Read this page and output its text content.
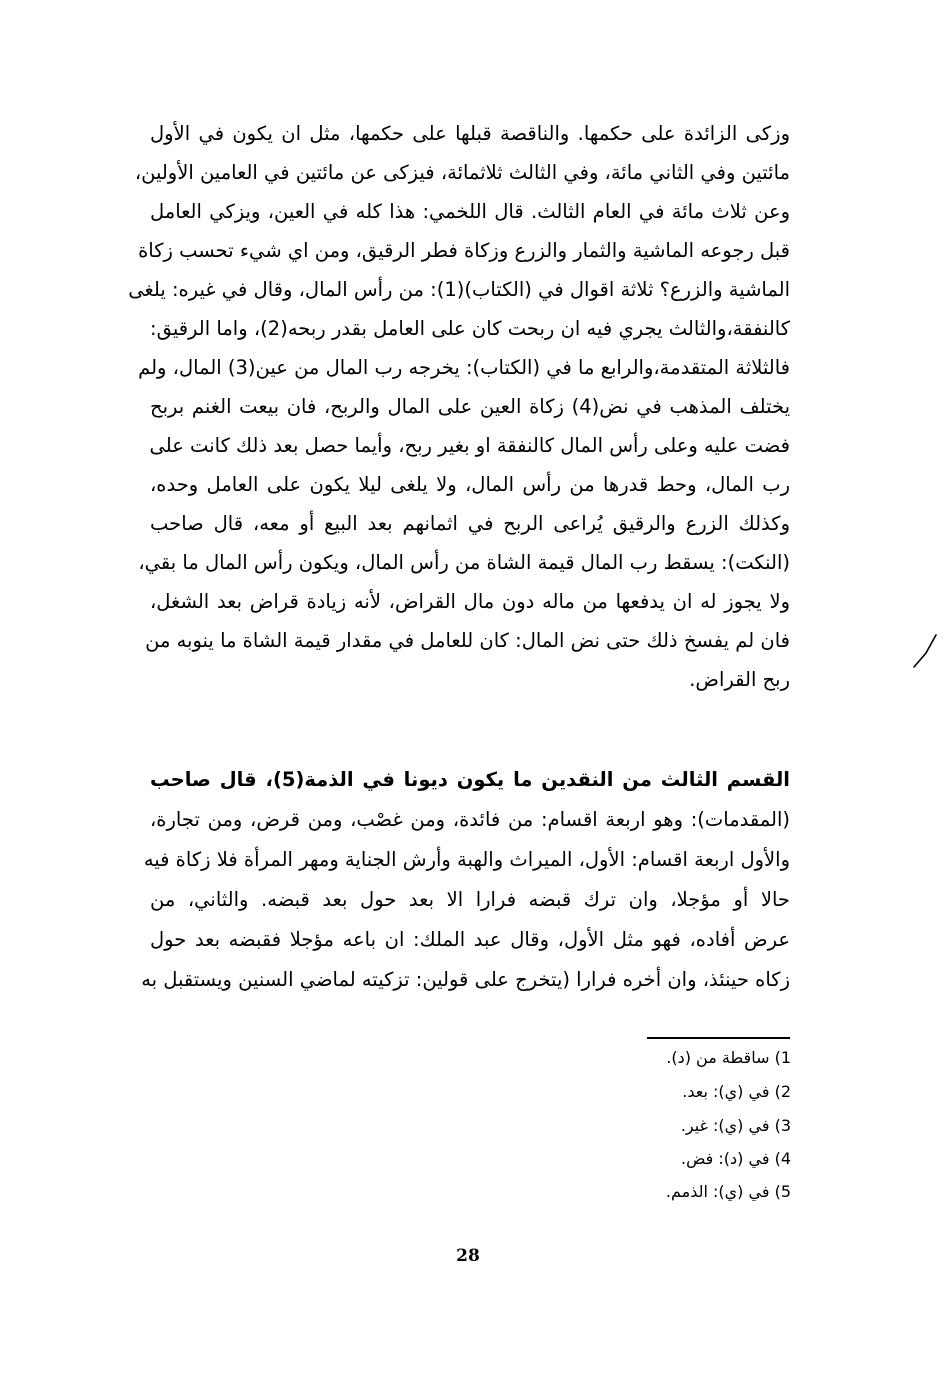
وزكى الزائدة على حكمها. والناقصة قبلها على حكمها، مثل ان يكون في الأول
مائتين وفي الثاني مائة، وفي الثالث ثلاثمائة، فيزكى عن مائتين في العامين الأولين،
وعن ثلاث مائة في العام الثالث. قال اللخمي: هذا كله في العين، ويزكي العامل
قبل رجوعه الماشية والثمار والزرع وزكاة فطر الرقيق، ومن اي شيء تحسب زكاة
الماشية والزرع؟ ثلاثة اقوال في (الكتاب)(1): من رأس المال، وقال في غيره: يلغى
كالنفقة،والثالث يجري فيه ان ربحت كان على العامل بقدر ربحه(2)، واما الرقيق:
فالثلاثة المتقدمة،والرابع ما في (الكتاب): يخرجه رب المال من عين(3) المال، ولم
يختلف المذهب في نض(4) زكاة العين على المال والربح، فان بيعت الغنم بربح
فضت عليه وعلى رأس المال كالنفقة او بغير ربح، وأيما حصل بعد ذلك كانت على
رب المال، وحط قدرها من رأس المال، ولا يلغى ليلا يكون على العامل وحده،
وكذلك الزرع والرقيق يُراعى الربح في اثمانهم بعد البيع أو معه، قال صاحب
(النكت): يسقط رب المال قيمة الشاة من رأس المال، ويكون رأس المال ما بقي،
ولا يجوز له ان يدفعها من ماله دون مال القراض، لأنه زيادة قراض بعد الشغل،
فان لم يفسخ ذلك حتى نض المال: كان للعامل في مقدار قيمة الشاة ما ينوبه من
ربح القراض.
القسم الثالث من النقدين ما يكون ديونا في الذمة(5)، قال صاحب
(المقدمات): وهو اربعة اقسام: من فائدة، ومن غصْب، ومن قرض، ومن تجارة،
والأول اربعة اقسام: الأول، الميراث والهبة وأرش الجناية ومهر المرأة فلا زكاة فيه
حالا أو مؤجلا، وان ترك قبضه فرارا الا بعد حول بعد قبضه. والثاني، من
عرض أفاده، فهو مثل الأول، وقال عبد الملك: ان باعه مؤجلا فقبضه بعد حول
زكاه حينئذ، وان أخره فرارا (يتخرج على قولين: تزكيته لماضي السنين ويستقبل به
1) ساقطة من (د).
2) في (ي): بعد.
3) في (ي): غير.
4) في (د): فض.
5) في (ي): الذمم.
28
